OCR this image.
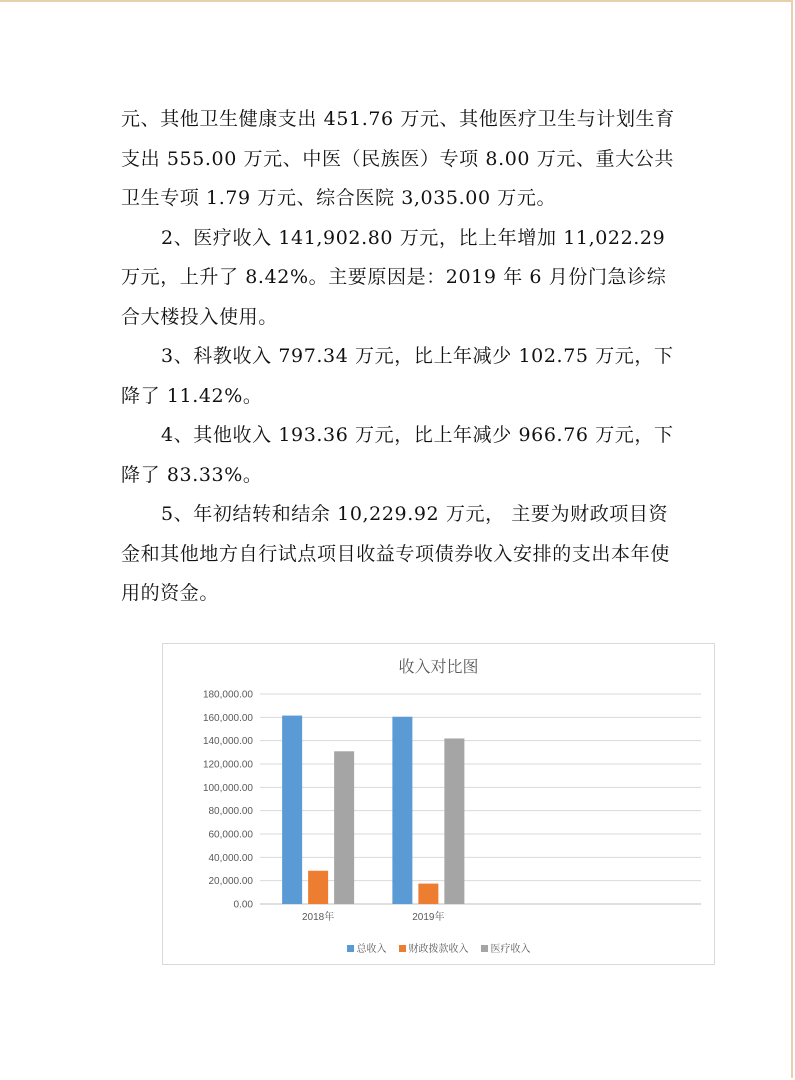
元、其他卫生健康支出 451.76 万元、其他医疗卫生与计划生育支出 555.00 万元、中医（民族医）专项 8.00 万元、重大公共卫生专项 1.79 万元、综合医院 3,035.00 万元。

2、医疗收入 141,902.80 万元，比上年增加 11,022.29 万元，上升了 8.42%。主要原因是：2019 年 6 月份门急诊综合大楼投入使用。

3、科教收入 797.34 万元，比上年减少 102.75 万元，下降了 11.42%。

4、其他收入 193.36 万元，比上年减少 966.76 万元，下降了 83.33%。

5、年初结转和结余 10,229.92 万元， 主要为财政项目资金和其他地方自行试点项目收益专项债券收入安排的支出本年使用的资金。

收入对比图
0.00
20,000.00
40,000.00
60,000.00
80,000.00
100,000.00
120,000.00
140,000.00
160,000.00
180,000.00
2018年	2019年
总收入 财政拨款收入 医疗收入
